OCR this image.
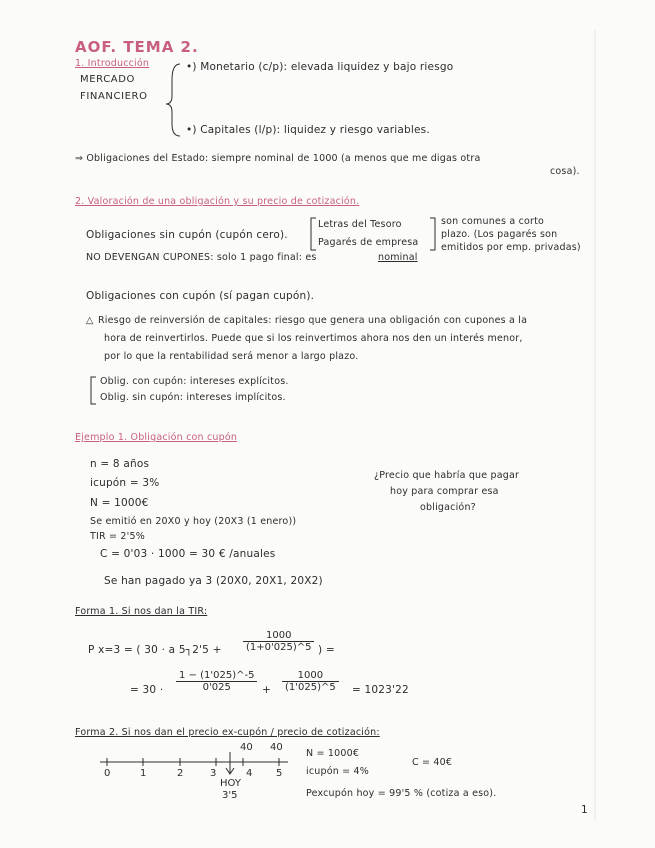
AOF. TEMA 2.
1. Introducción
MERCADO
FINANCIERO
•) Monetario (c/p): elevada liquidez y bajo riesgo
•) Capitales (l/p): liquidez y riesgo variables.
⇒ Obligaciones del Estado: siempre nominal de 1000 (a menos que me digas otra
cosa).
2. Valoración de una obligación y su precio de cotización.
Obligaciones sin cupón (cupón cero).
Letras del Tesoro
Pagarés de empresa
son comunes a corto
plazo. (Los pagarés son
emitidos por emp. privadas)
NO DEVENGAN CUPONES: solo 1 pago final: es	nominal
Obligaciones con cupón (sí pagan cupón).
△ Riesgo de reinversión de capitales: riesgo que genera una obligación con cupones a la
hora de reinvertirlos. Puede que si los reinvertimos ahora nos den un interés menor,
por lo que la rentabilidad será menor a largo plazo.
Oblig. con cupón: intereses explícitos.
Oblig. sin cupón: intereses implícitos.
Ejemplo 1. Obligación con cupón
n = 8 años
icupón = 3%
N = 1000€
¿Precio que habría que pagar
hoy para comprar esa
obligación?
Se emitió en 20X0 y hoy (20X3 (1 enero))
TIR = 2'5%
C = 0'03 · 1000 = 30 € /anuales
Se han pagado ya 3 (20X0, 20X1, 20X2)
Forma 1. Si nos dan la TIR:
P x=3 = ( 30 · a 5┐2'5 + $\frac{1000}{(1+0'025)\^{}5}$ ) =
= $30 \cdot \frac{1 - (1'025)\^{}-5}{0'025} + \frac{1000}{(1'025)\^{}5} = 1023'22$
Forma 2. Si nos dan el precio ex-cupón / precio de cotización:
40 40
0	1	2	3	4 5
HOY
3'5
N = 1000€
icupón = 4%
C = 40€
Pexcupón hoy = 99'5 % (cotiza a eso).
1
